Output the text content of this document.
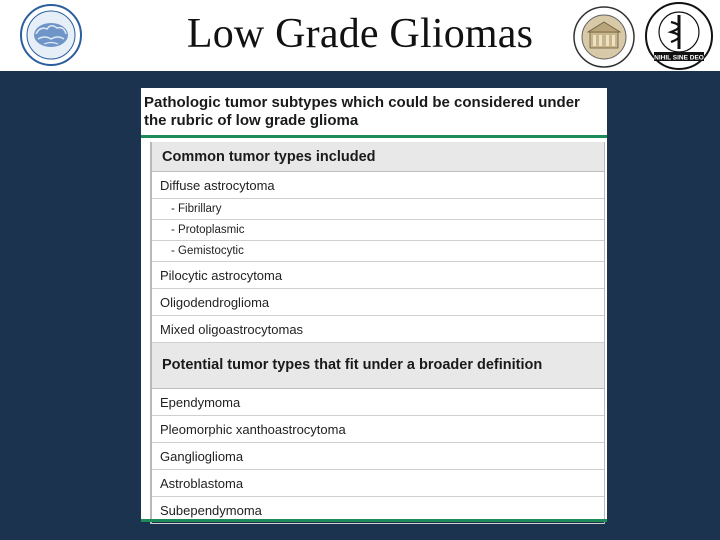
Low Grade Gliomas
NIHIL SINE DEO
Pathologic tumor subtypes which could be considered under the rubric of low grade glioma
Common tumor types included
Diffuse astrocytoma
- Fibrillary
- Protoplasmic
- Gemistocytic
Pilocytic astrocytoma
Oligodendroglioma
Mixed oligoastrocytomas
Potential tumor types that fit under a broader definition
Ependymoma
Pleomorphic xanthoastrocytoma
Ganglioglioma
Astroblastoma
Subependymoma
